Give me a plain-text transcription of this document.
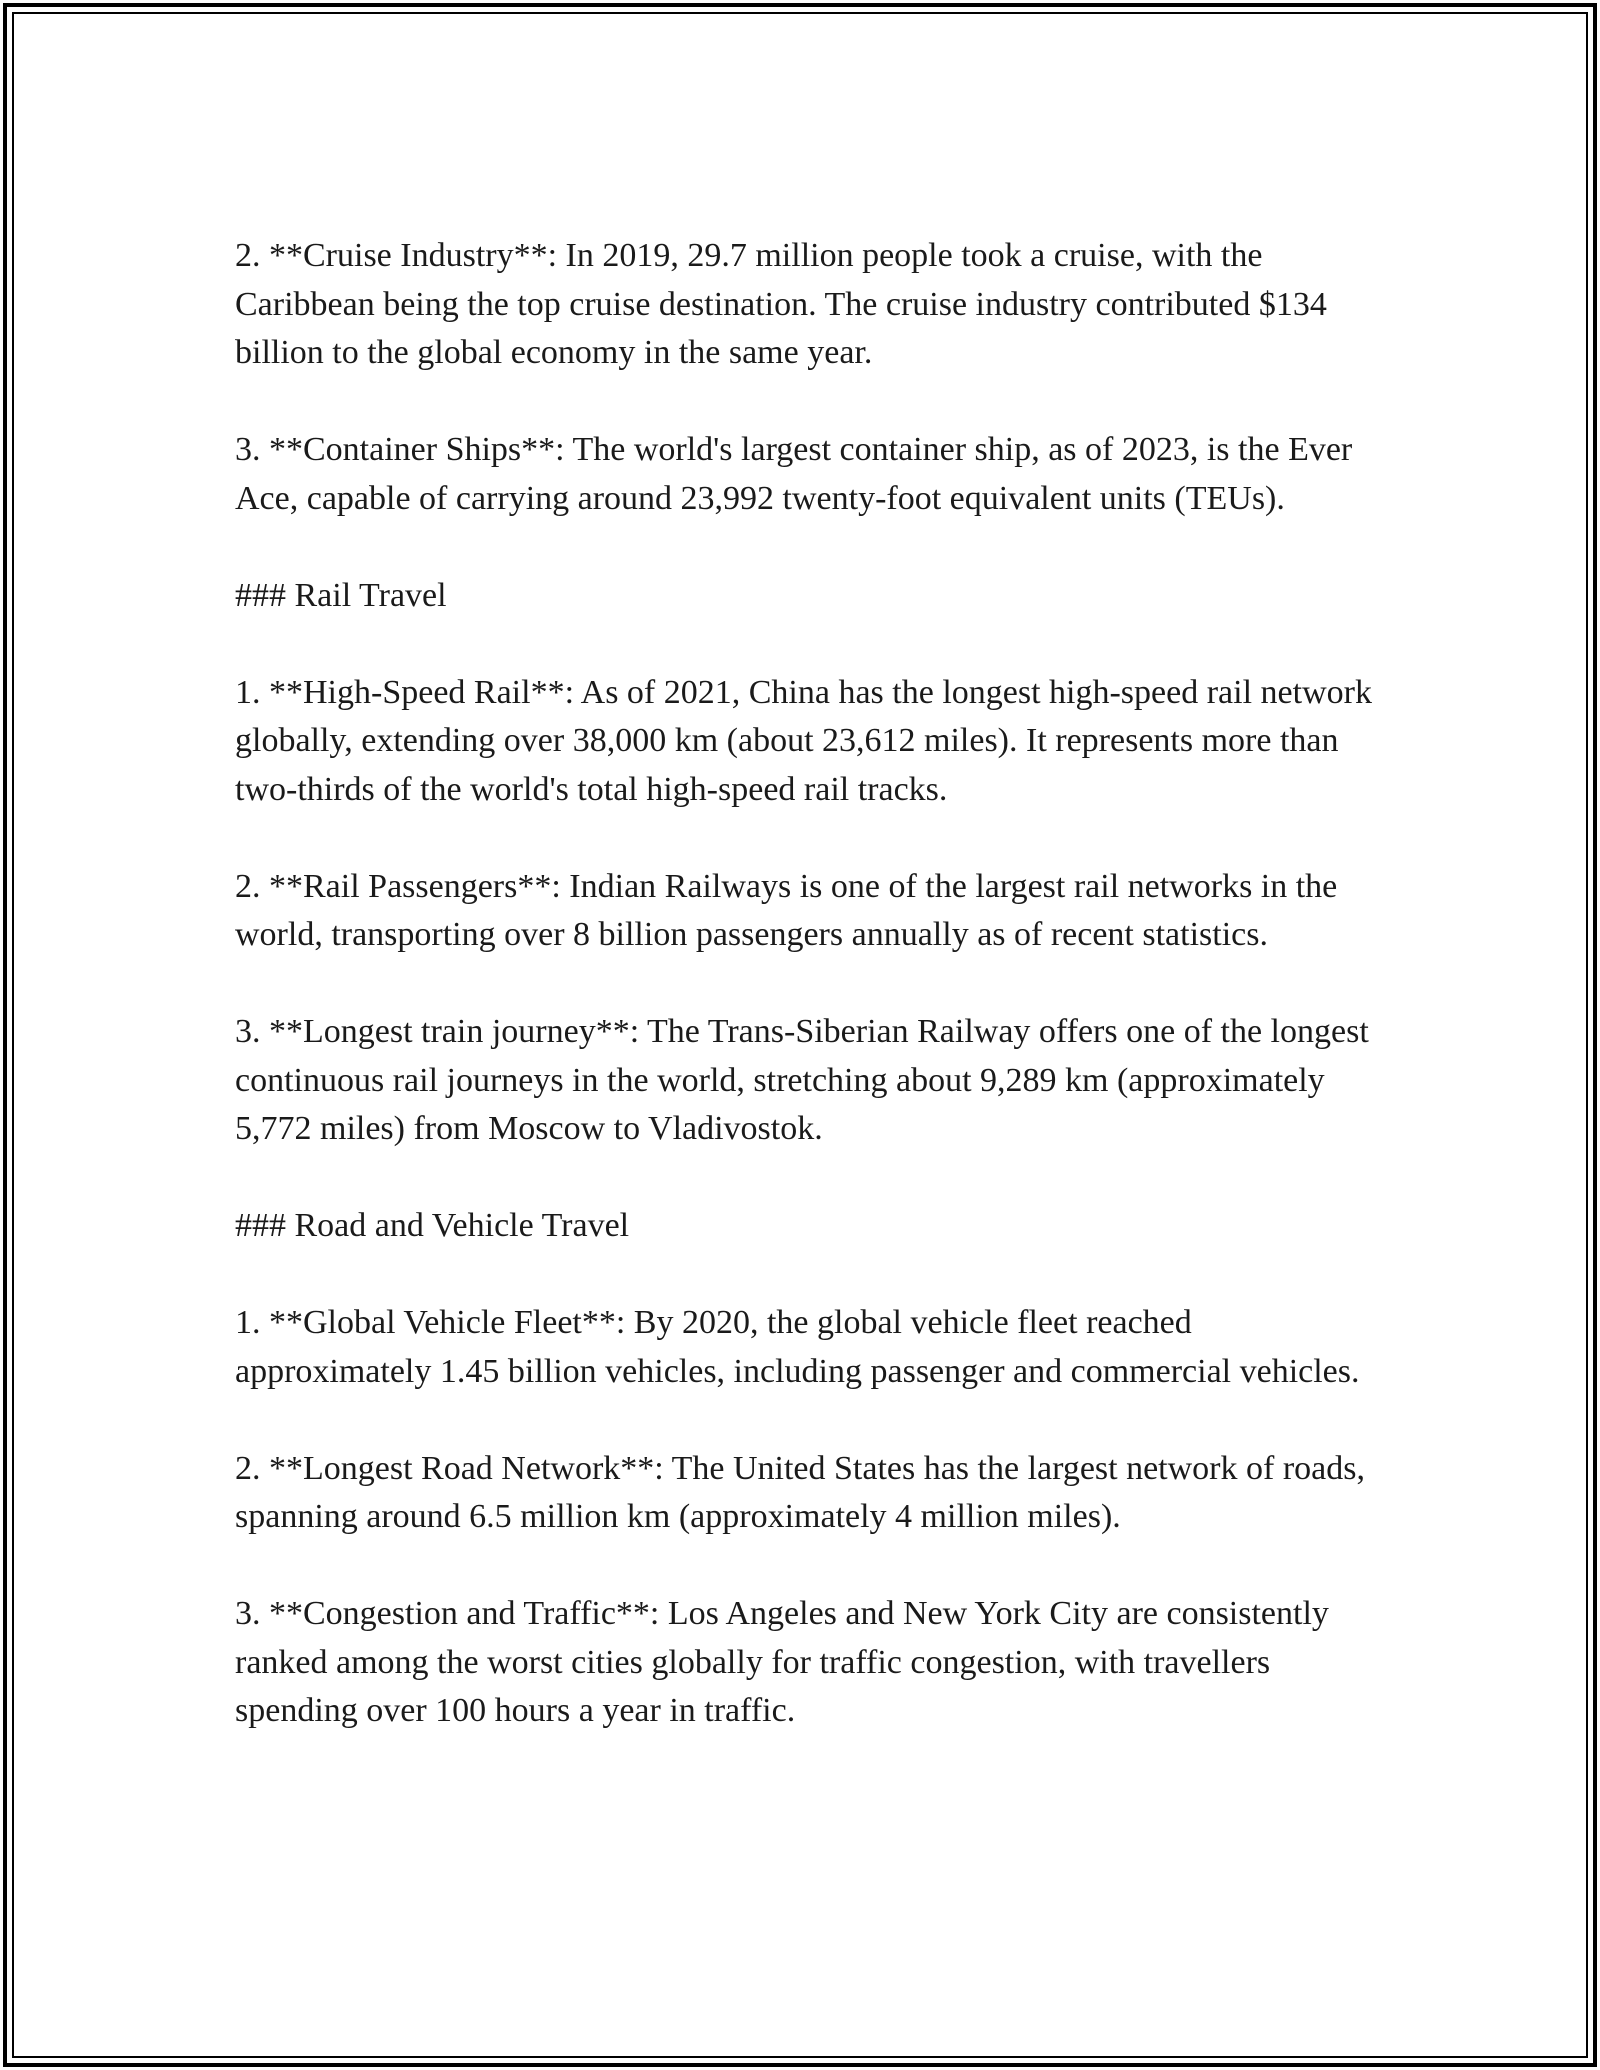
2. **Cruise Industry**: In 2019, 29.7 million people took a cruise, with the Caribbean being the top cruise destination. The cruise industry contributed $134 billion to the global economy in the same year.

3. **Container Ships**: The world's largest container ship, as of 2023, is the Ever Ace, capable of carrying around 23,992 twenty-foot equivalent units (TEUs).

### Rail Travel

1. **High-Speed Rail**: As of 2021, China has the longest high-speed rail network globally, extending over 38,000 km (about 23,612 miles). It represents more than two-thirds of the world's total high-speed rail tracks.

2. **Rail Passengers**: Indian Railways is one of the largest rail networks in the world, transporting over 8 billion passengers annually as of recent statistics.

3. **Longest train journey**: The Trans-Siberian Railway offers one of the longest continuous rail journeys in the world, stretching about 9,289 km (approximately 5,772 miles) from Moscow to Vladivostok.

### Road and Vehicle Travel

1. **Global Vehicle Fleet**: By 2020, the global vehicle fleet reached approximately 1.45 billion vehicles, including passenger and commercial vehicles.

2. **Longest Road Network**: The United States has the largest network of roads, spanning around 6.5 million km (approximately 4 million miles).

3. **Congestion and Traffic**: Los Angeles and New York City are consistently ranked among the worst cities globally for traffic congestion, with travellers spending over 100 hours a year in traffic.
